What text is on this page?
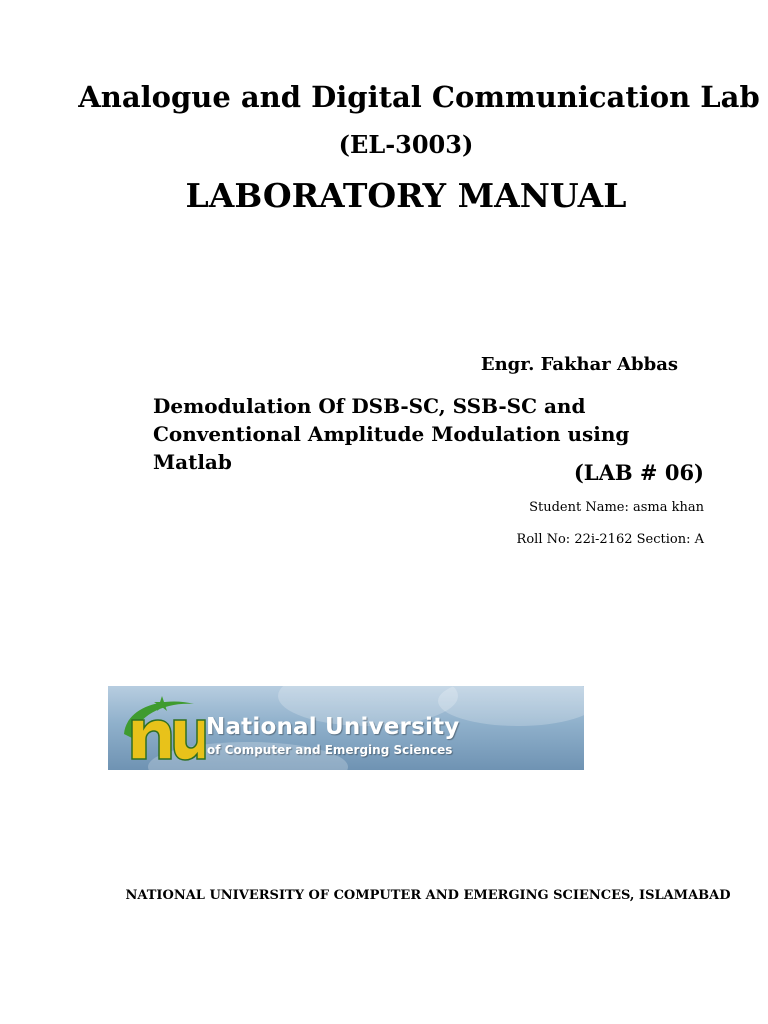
Analogue and Digital Communication Lab
(EL-3003)
LABORATORY MANUAL
Engr. Fakhar Abbas
Demodulation Of DSB-SC, SSB-SC and Conventional Amplitude Modulation using Matlab	(LAB # 06)
Student Name: asma khan
Roll No: 22i-2162 Section: A
National University
of Computer and Emerging Sciences
NATIONAL UNIVERSITY OF COMPUTER AND EMERGING SCIENCES, ISLAMABAD
